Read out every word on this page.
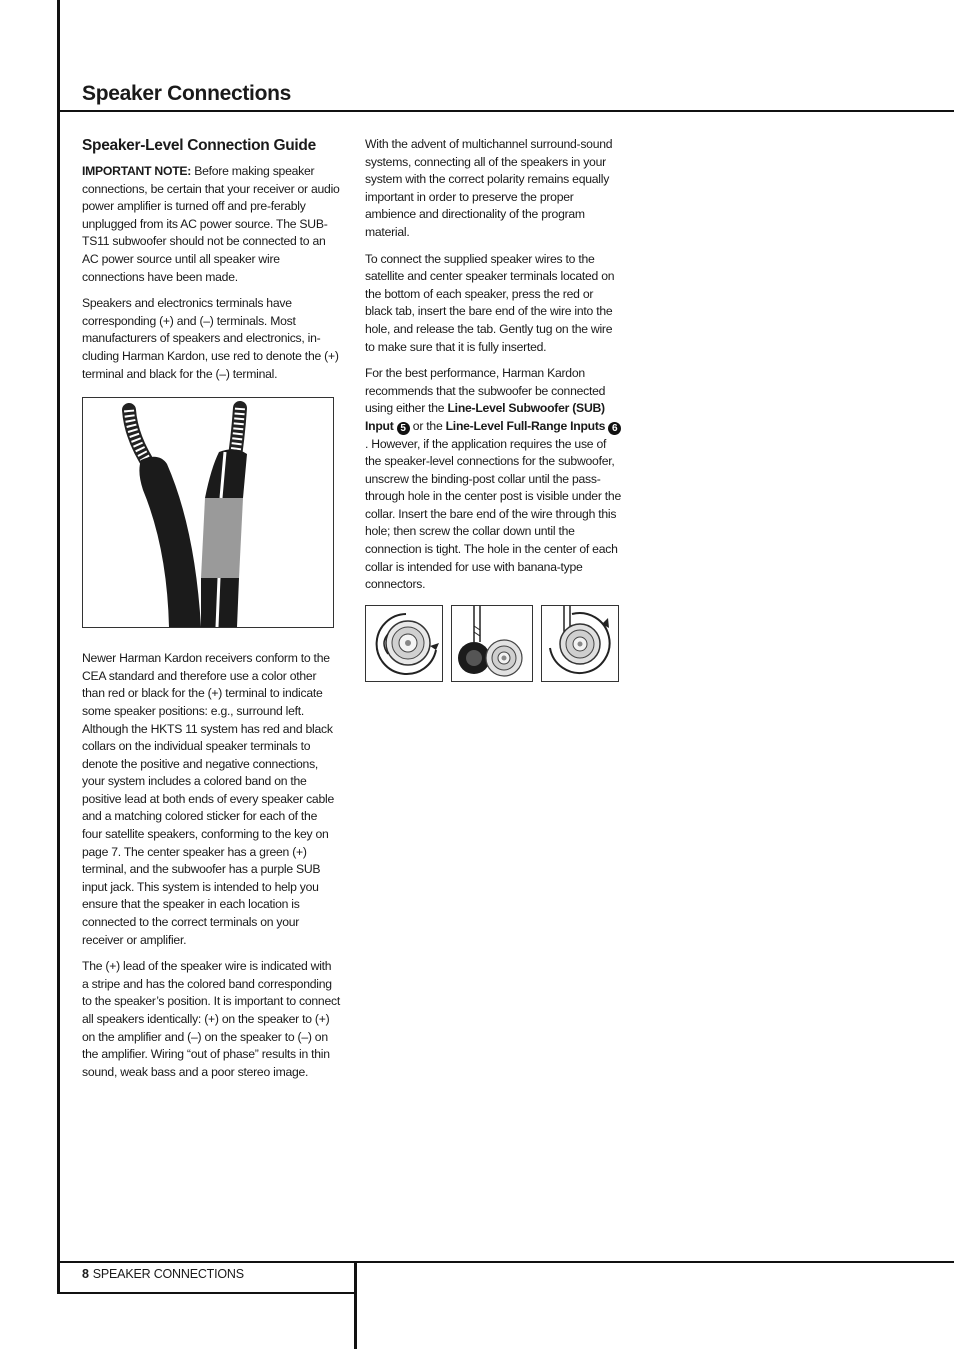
Speaker Connections
Speaker-Level Connection Guide

IMPORTANT NOTE: Before making speaker connections, be certain that your receiver or audio power amplifier is turned off and pre-ferably unplugged from its AC power source. The SUB-TS11 subwoofer should not be connected to an AC power source until all speaker wire connections have been made.

Speakers and electronics terminals have corresponding (+) and (–) terminals. Most manufacturers of speakers and electronics, in-cluding Harman Kardon, use red to denote the (+) terminal and black for the (–) terminal.

Newer Harman Kardon receivers conform to the CEA standard and therefore use a color other than red or black for the (+) terminal to indicate some speaker positions: e.g., surround left. Although the HKTS 11 system has red and black collars on the individual speaker terminals to denote the positive and negative connections, your system includes a colored band on the positive lead at both ends of every speaker cable and a matching colored sticker for each of the four satellite speakers, conforming to the key on page 7. The center speaker has a green (+) terminal, and the subwoofer has a purple SUB input jack. This system is intended to help you ensure that the speaker in each location is connected to the correct terminals on your receiver or amplifier.

The (+) lead of the speaker wire is indicated with a stripe and has the colored band corresponding to the speaker’s position. It is important to connect all speakers identically: (+) on the speaker to (+) on the amplifier and (–) on the speaker to (–) on the amplifier. Wiring “out of phase” results in thin sound, weak bass and a poor stereo image.

With the advent of multichannel surround-sound systems, connecting all of the speakers in your system with the correct polarity remains equally important in order to preserve the proper ambience and directionality of the program material.

To connect the supplied speaker wires to the satellite and center speaker terminals located on the bottom of each speaker, press the red or black tab, insert the bare end of the wire into the hole, and release the tab. Gently tug on the wire to make sure that it is fully inserted.

For the best performance, Harman Kardon recommends that the subwoofer be connected using either the Line-Level Subwoofer (SUB) Input 5 or the Line-Level Full-Range Inputs 6. However, if the application requires the use of the speaker-level connections for the subwoofer, unscrew the binding-post collar until the pass-through hole in the center post is visible under the collar. Insert the bare end of the wire through this hole; then screw the collar down until the connection is tight. The hole in the center of each collar is intended for use with banana-type connectors.

8 SPEAKER CONNECTIONS
